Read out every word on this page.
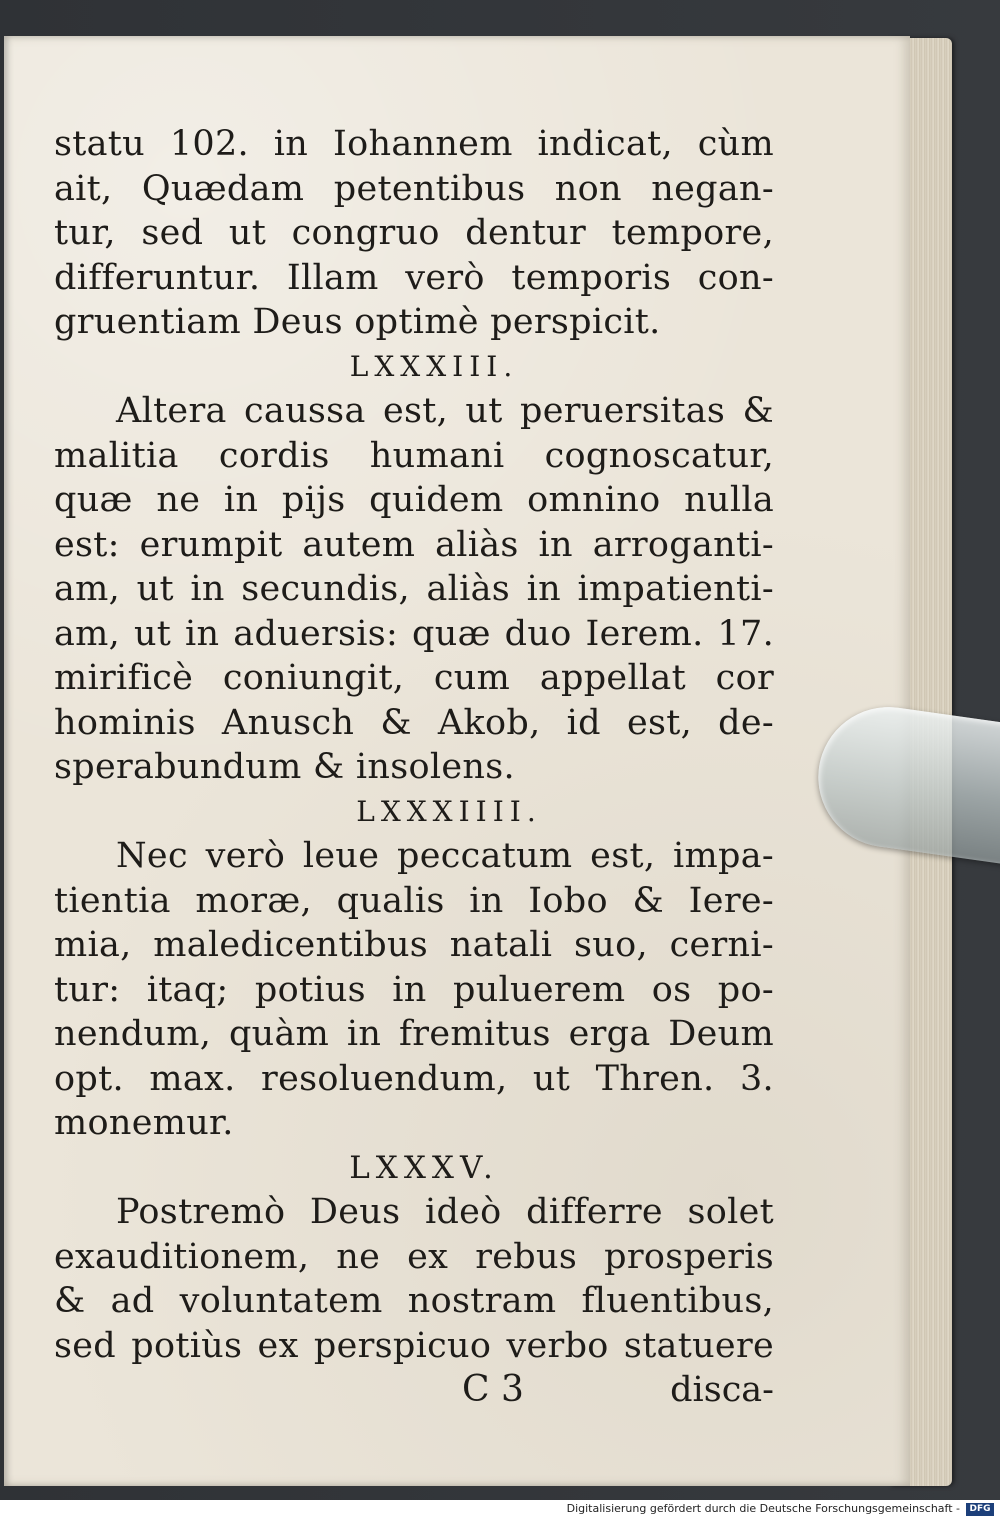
statu 102. in Iohannem indicat, cùm
ait, Quædam petentibus non negan-
tur, sed ut congruo dentur tempore,
differuntur. Illam verò temporis con-
gruentiam Deus optimè perspicit.
LXXXIII.
Altera caussa est, ut peruersitas &
malitia cordis humani cognoscatur,
quæ ne in pijs quidem omnino nulla
est: erumpit autem aliàs in arroganti-
am, ut in secundis, aliàs in impatienti-
am, ut in aduersis: quæ duo Ierem. 17.
mirificè coniungit, cum appellat cor
hominis Anusch & Akob, id est, de-
sperabundum & insolens.
LXXXIIII.
Nec verò leue peccatum est, impa-
tientia moræ, qualis in Iobo & Iere-
mia, maledicentibus natali suo, cerni-
tur: itaq; potius in puluerem os po-
nendum, quàm in fremitus erga Deum
opt. max. resoluendum, ut Thren. 3.
monemur.
LXXXV.
Postremò Deus ideò differre solet
exauditionem, ne ex rebus prosperis
& ad voluntatem nostram fluentibus,
sed potiùs ex perspicuo verbo statuere
C 3	disca-
Digitalisierung gefördert durch die Deutsche Forschungsgemeinschaft -	DFG
